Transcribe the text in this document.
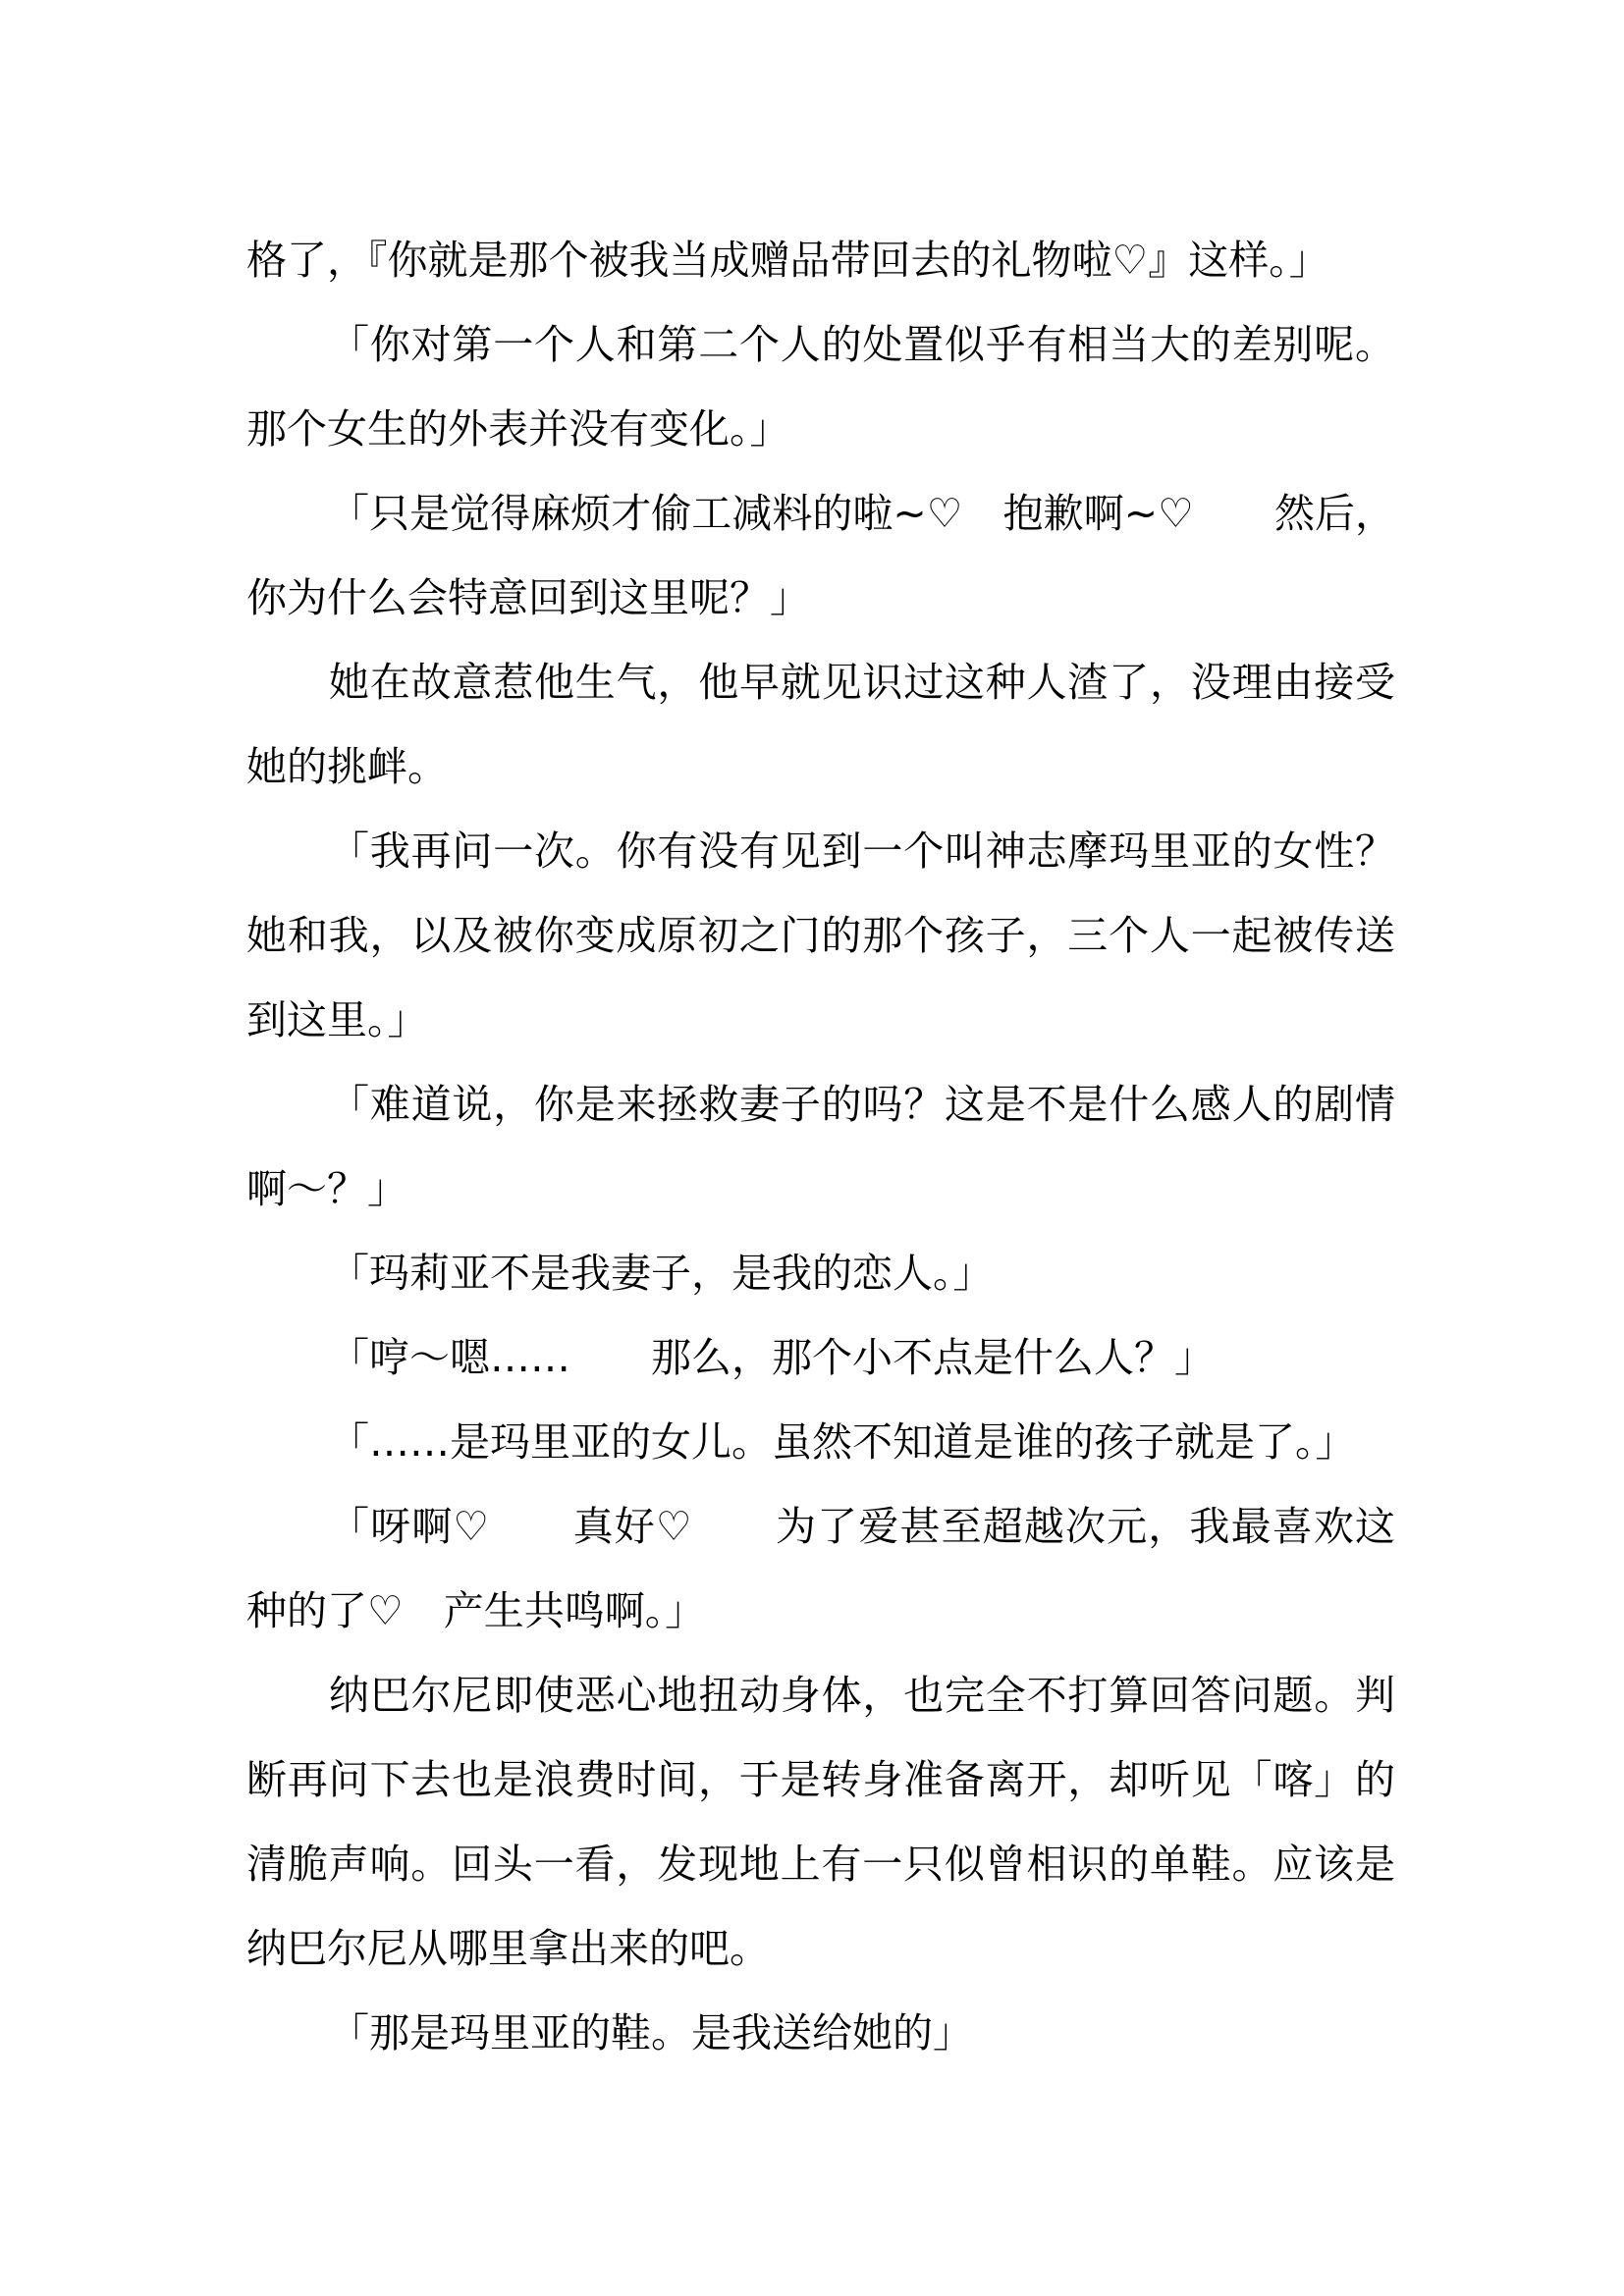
格了，『你就是那个被我当成赠品带回去的礼物啦♡』这样。」

「你对第一个人和第二个人的处置似乎有相当大的差别呢。那个女生的外表并没有变化。」

「只是觉得麻烦才偷工减料的啦~♡　抱歉啊~♡　　然后，你为什么会特意回到这里呢？」

她在故意惹他生气，他早就见识过这种人渣了，没理由接受她的挑衅。

「我再问一次。你有没有见到一个叫神志摩玛里亚的女性？她和我，以及被你变成原初之门的那个孩子，三个人一起被传送到这里。」

「难道说，你是来拯救妻子的吗？这是不是什么感人的剧情啊～？」

「玛莉亚不是我妻子，是我的恋人。」

「哼～嗯……　　那么，那个小不点是什么人？」

「……是玛里亚的女儿。虽然不知道是谁的孩子就是了。」

「呀啊♡　　真好♡　　为了爱甚至超越次元，我最喜欢这种的了♡　产生共鸣啊。」

纳巴尔尼即使恶心地扭动身体，也完全不打算回答问题。判断再问下去也是浪费时间，于是转身准备离开，却听见「喀」的清脆声响。回头一看，发现地上有一只似曾相识的单鞋。应该是纳巴尔尼从哪里拿出来的吧。

「那是玛里亚的鞋。是我送给她的」
